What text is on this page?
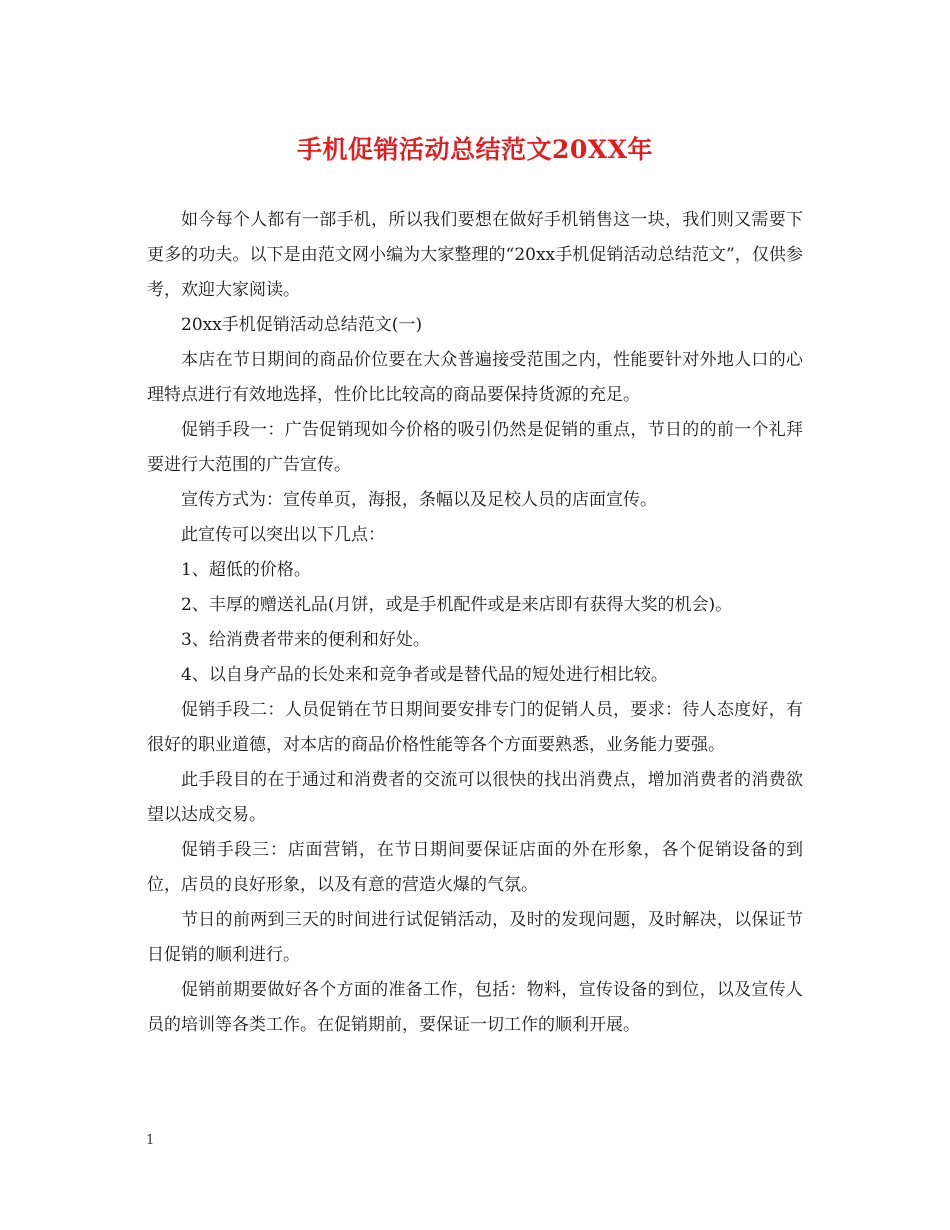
手机促销活动总结范文20XX年

如今每个人都有一部手机，所以我们要想在做好手机销售这一块，我们则又需要下更多的功夫。以下是由范文网小编为大家整理的“20xx手机促销活动总结范文”，仅供参考，欢迎大家阅读。

20xx手机促销活动总结范文(一)

本店在节日期间的商品价位要在大众普遍接受范围之内，性能要针对外地人口的心理特点进行有效地选择，性价比比较高的商品要保持货源的充足。

促销手段一：广告促销现如今价格的吸引仍然是促销的重点，节日的的前一个礼拜要进行大范围的广告宣传。

宣传方式为：宣传单页，海报，条幅以及足校人员的店面宣传。

此宣传可以突出以下几点：

1、超低的价格。

2、丰厚的赠送礼品(月饼，或是手机配件或是来店即有获得大奖的机会)。

3、给消费者带来的便利和好处。

4、以自身产品的长处来和竞争者或是替代品的短处进行相比较。

促销手段二：人员促销在节日期间要安排专门的促销人员，要求：待人态度好，有很好的职业道德，对本店的商品价格性能等各个方面要熟悉，业务能力要强。

此手段目的在于通过和消费者的交流可以很快的找出消费点，增加消费者的消费欲望以达成交易。

促销手段三：店面营销，在节日期间要保证店面的外在形象，各个促销设备的到位，店员的良好形象，以及有意的营造火爆的气氛。

节日的前两到三天的时间进行试促销活动，及时的发现问题，及时解决，以保证节日促销的顺利进行。

促销前期要做好各个方面的准备工作，包括：物料，宣传设备的到位，以及宣传人员的培训等各类工作。在促销期前，要保证一切工作的顺利开展。

1
